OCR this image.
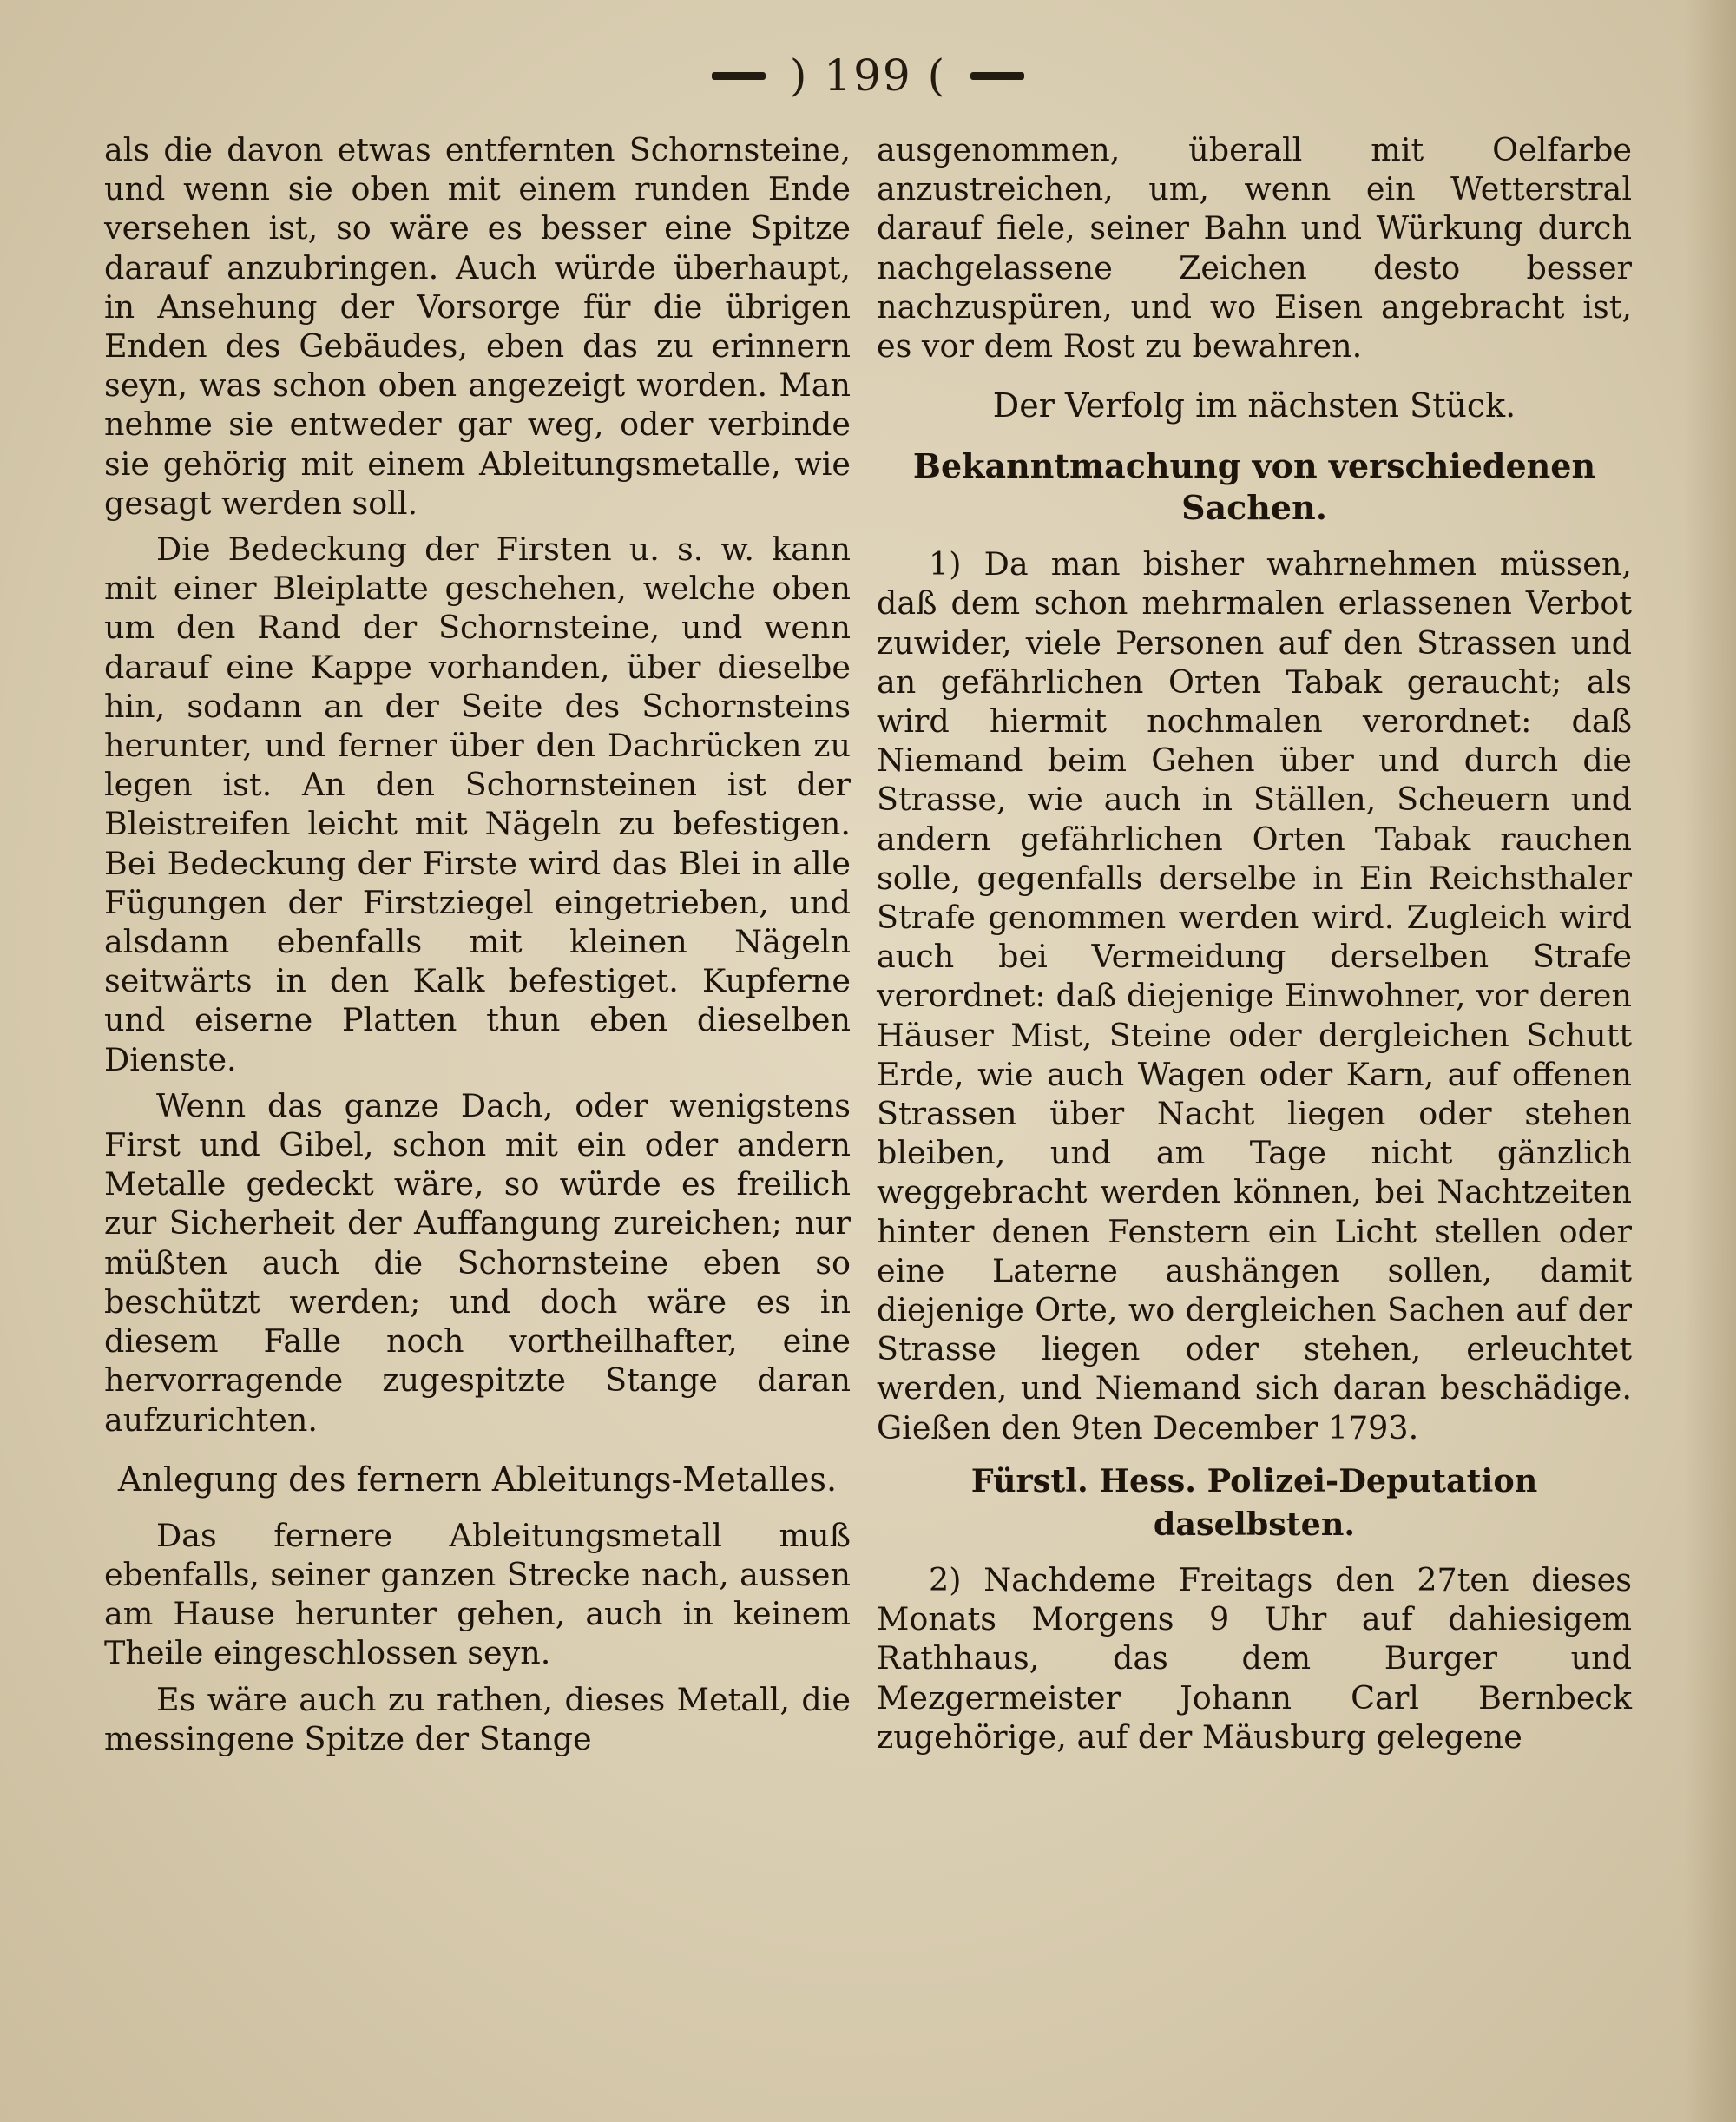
) 199 (

als die davon etwas entfernten Schornsteine, und wenn sie oben mit einem runden Ende versehen ist, so wäre es besser eine Spitze darauf anzubringen. Auch würde überhaupt, in Ansehung der Vorsorge für die übrigen Enden des Gebäudes, eben das zu erinnern seyn, was schon oben angezeigt worden. Man nehme sie entweder gar weg, oder verbinde sie gehörig mit einem Ableitungsmetalle, wie gesagt werden soll.

Die Bedeckung der Firsten u. s. w. kann mit einer Bleiplatte geschehen, welche oben um den Rand der Schornsteine, und wenn darauf eine Kappe vorhanden, über dieselbe hin, sodann an der Seite des Schornsteins herunter, und ferner über den Dachrücken zu legen ist. An den Schornsteinen ist der Bleistreifen leicht mit Nägeln zu befestigen. Bei Bedeckung der Firste wird das Blei in alle Fügungen der Firstziegel eingetrieben, und alsdann ebenfalls mit kleinen Nägeln seitwärts in den Kalk befestiget. Kupferne und eiserne Platten thun eben dieselben Dienste.

Wenn das ganze Dach, oder wenigstens First und Gibel, schon mit ein oder andern Metalle gedeckt wäre, so würde es freilich zur Sicherheit der Auffangung zureichen; nur müßten auch die Schornsteine eben so beschützt werden; und doch wäre es in diesem Falle noch vortheilhafter, eine hervorragende zugespitzte Stange daran aufzurichten.

Anlegung des fernern Ableitungs-Metalles.

Das fernere Ableitungsmetall muß ebenfalls, seiner ganzen Strecke nach, aussen am Hause herunter gehen, auch in keinem Theile eingeschlossen seyn.

Es wäre auch zu rathen, dieses Metall, die messingene Spitze der Stange

ausgenommen, überall mit Oelfarbe anzustreichen, um, wenn ein Wetterstral darauf fiele, seiner Bahn und Würkung durch nachgelassene Zeichen desto besser nachzuspüren, und wo Eisen angebracht ist, es vor dem Rost zu bewahren.

Der Verfolg im nächsten Stück.

Bekanntmachung von verschiedenen Sachen.

1) Da man bisher wahrnehmen müssen, daß dem schon mehrmalen erlassenen Verbot zuwider, viele Personen auf den Strassen und an gefährlichen Orten Tabak geraucht; als wird hiermit nochmalen verordnet: daß Niemand beim Gehen über und durch die Strasse, wie auch in Ställen, Scheuern und andern gefährlichen Orten Tabak rauchen solle, gegenfalls derselbe in Ein Reichsthaler Strafe genommen werden wird. Zugleich wird auch bei Vermeidung derselben Strafe verordnet: daß diejenige Einwohner, vor deren Häuser Mist, Steine oder dergleichen Schutt Erde, wie auch Wagen oder Karn, auf offenen Strassen über Nacht liegen oder stehen bleiben, und am Tage nicht gänzlich weggebracht werden können, bei Nachtzeiten hinter denen Fenstern ein Licht stellen oder eine Laterne aushängen sollen, damit diejenige Orte, wo dergleichen Sachen auf der Strasse liegen oder stehen, erleuchtet werden, und Niemand sich daran beschädige. Gießen den 9ten December 1793.

Fürstl. Hess. Polizei-Deputation daselbsten.

2) Nachdeme Freitags den 27ten dieses Monats Morgens 9 Uhr auf dahiesigem Rathhaus, das dem Burger und Mezgermeister Johann Carl Bernbeck zugehörige, auf der Mäusburg gelegene
